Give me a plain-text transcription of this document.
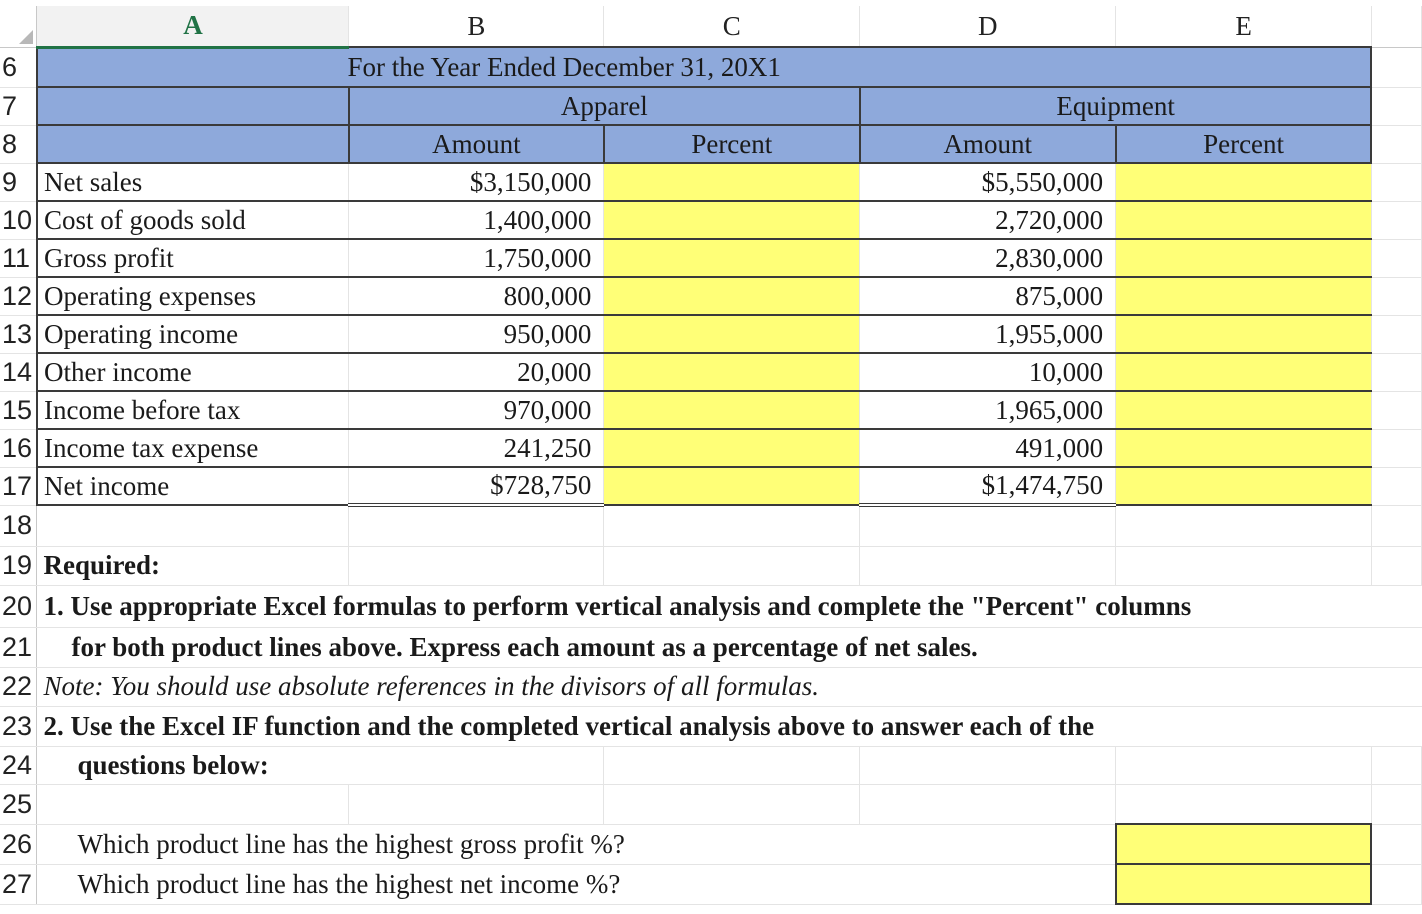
	A	B	C	D	E	
6	For the Year Ended December 31, 20X1					
7		Apparel		Equipment		
8		Amount	Percent	Amount	Percent	
9	Net sales	$3,150,000		$5,550,000		
10	Cost of goods sold	1,400,000		2,720,000		
11	Gross profit	1,750,000		2,830,000		
12	Operating expenses	800,000		875,000		
13	Operating income	950,000		1,955,000		
14	Other income	20,000		10,000		
15	Income before tax	970,000		1,965,000		
16	Income tax expense	241,250		491,000		
17	Net income	$728,750		$1,474,750		
18						
19	Required:					
20	1. Use appropriate Excel formulas to perform vertical analysis and complete the "Percent" columns					
21	for both product lines above. Express each amount as a percentage of net sales.					
22	Note: You should use absolute references in the divisors of all formulas.					
23	2. Use the Excel IF function and the completed vertical analysis above to answer each of the					
24	questions below:					
25						
26	Which product line has the highest gross profit %?					
27	Which product line has the highest net income %?					
